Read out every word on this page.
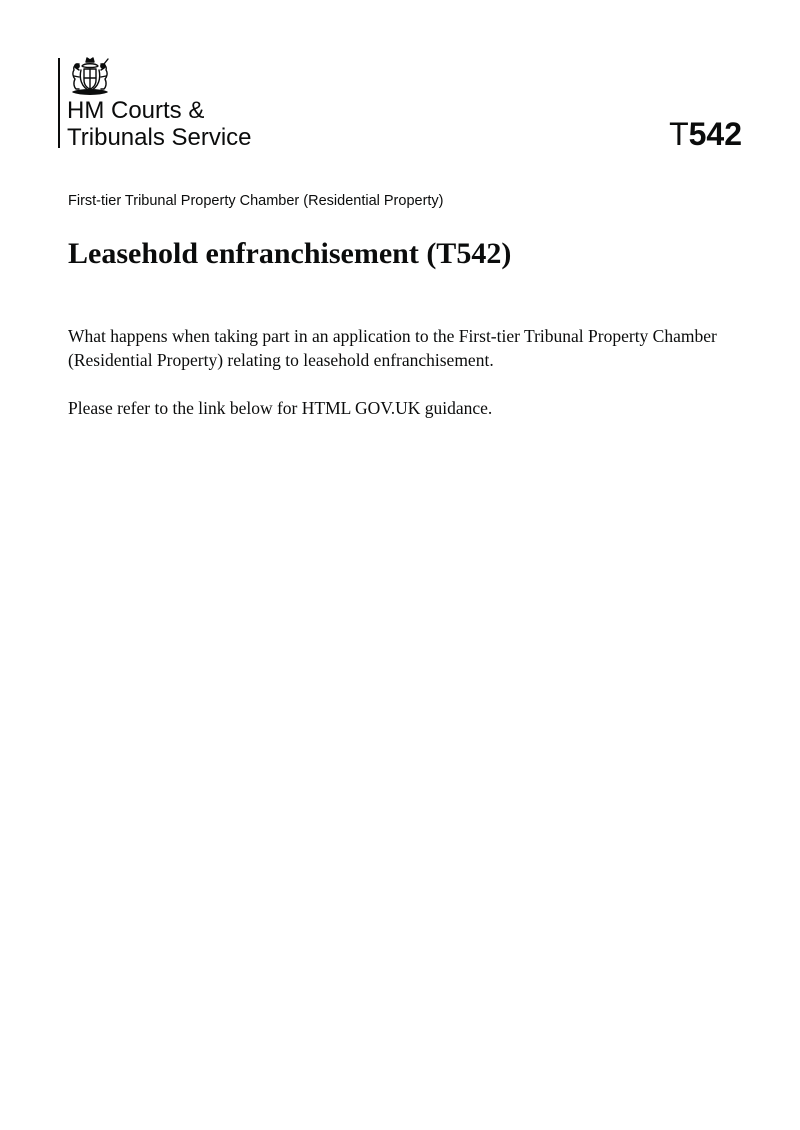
HM Courts &
Tribunals Service	T542
First-tier Tribunal Property Chamber (Residential Property)
Leasehold enfranchisement (T542)

What happens when taking part in an application to the First-tier Tribunal Property Chamber (Residential Property) relating to leasehold enfranchisement.

Please refer to the link below for HTML GOV.UK guidance.
